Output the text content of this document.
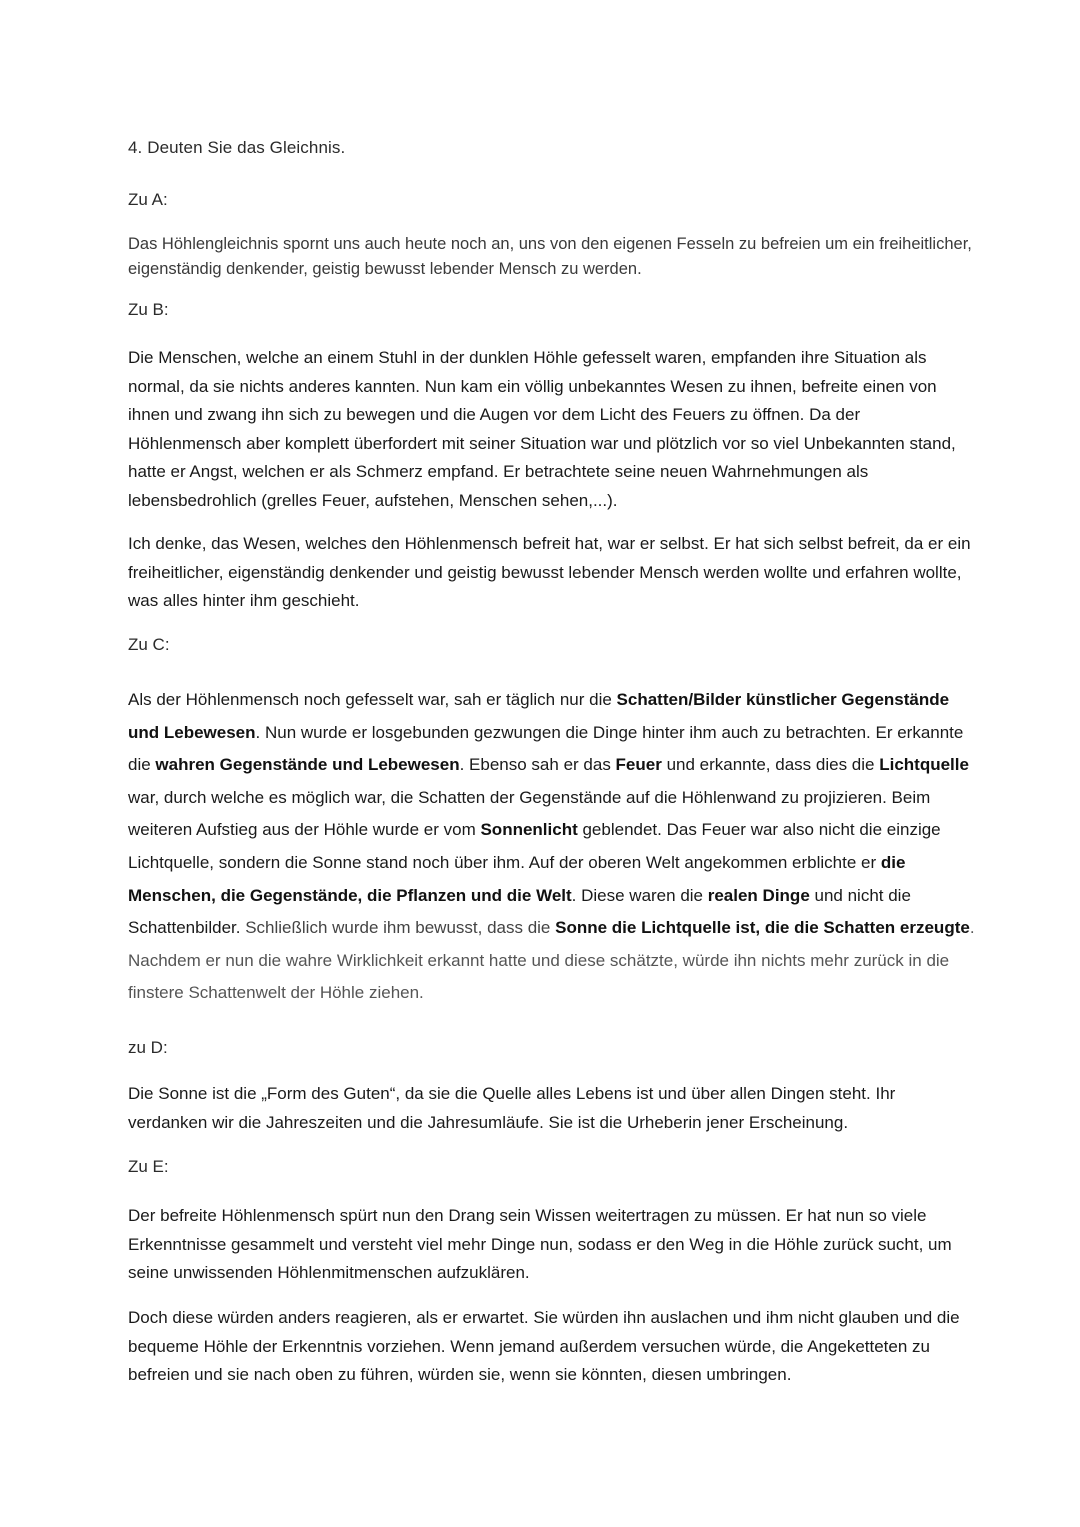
4. Deuten Sie das Gleichnis.

Zu A:

Das Höhlengleichnis spornt uns auch heute noch an, uns von den eigenen Fesseln zu befreien um ein freiheitlicher, eigenständig denkender, geistig bewusst lebender Mensch zu werden.

Zu B:

Die Menschen, welche an einem Stuhl in der dunklen Höhle gefesselt waren, empfanden ihre Situation als normal, da sie nichts anderes kannten. Nun kam ein völlig unbekanntes Wesen zu ihnen, befreite einen von ihnen und zwang ihn sich zu bewegen und die Augen vor dem Licht des Feuers zu öffnen. Da der Höhlenmensch aber komplett überfordert mit seiner Situation war und plötzlich vor so viel Unbekannten stand, hatte er Angst, welchen er als Schmerz empfand. Er betrachtete seine neuen Wahrnehmungen als lebensbedrohlich (grelles Feuer, aufstehen, Menschen sehen,...).

Ich denke, das Wesen, welches den Höhlenmensch befreit hat, war er selbst. Er hat sich selbst befreit, da er ein freiheitlicher, eigenständig denkender und geistig bewusst lebender Mensch werden wollte und erfahren wollte, was alles hinter ihm geschieht.

Zu C:

Als der Höhlenmensch noch gefesselt war, sah er täglich nur die Schatten/Bilder künstlicher Gegenstände und Lebewesen. Nun wurde er losgebunden gezwungen die Dinge hinter ihm auch zu betrachten. Er erkannte die wahren Gegenstände und Lebewesen. Ebenso sah er das Feuer und erkannte, dass dies die Lichtquelle war, durch welche es möglich war, die Schatten der Gegenstände auf die Höhlenwand zu projizieren. Beim weiteren Aufstieg aus der Höhle wurde er vom Sonnenlicht geblendet. Das Feuer war also nicht die einzige Lichtquelle, sondern die Sonne stand noch über ihm. Auf der oberen Welt angekommen erblichte er die Menschen, die Gegenstände, die Pflanzen und die Welt. Diese waren die realen Dinge und nicht die Schattenbilder. Schließlich wurde ihm bewusst, dass die Sonne die Lichtquelle ist, die die Schatten erzeugte. Nachdem er nun die wahre Wirklichkeit erkannt hatte und diese schätzte, würde ihn nichts mehr zurück in die finstere Schattenwelt der Höhle ziehen.

zu D:

Die Sonne ist die „Form des Guten“, da sie die Quelle alles Lebens ist und über allen Dingen steht. Ihr verdanken wir die Jahreszeiten und die Jahresumläufe. Sie ist die Urheberin jener Erscheinung.

Zu E:

Der befreite Höhlenmensch spürt nun den Drang sein Wissen weitertragen zu müssen. Er hat nun so viele Erkenntnisse gesammelt und versteht viel mehr Dinge nun, sodass er den Weg in die Höhle zurück sucht, um seine unwissenden Höhlenmitmenschen aufzuklären.

Doch diese würden anders reagieren, als er erwartet. Sie würden ihn auslachen und ihm nicht glauben und die bequeme Höhle der Erkenntnis vorziehen. Wenn jemand außerdem versuchen würde, die Angeketteten zu befreien und sie nach oben zu führen, würden sie, wenn sie könnten, diesen umbringen.
